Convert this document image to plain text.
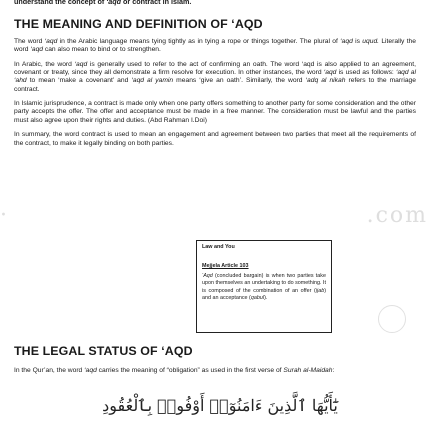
understand the concept of ‘aqd or contract in Islam.
THE MEANING AND DEFINITION OF ‘AQD

The word ‘aqd in the Arabic language means tying tightly as in tying a rope or things together. The plural of ‘aqd is uqud. Literally the word ‘aqd can also mean to bind or to strengthen.

In Arabic, the word ‘aqd is generally used to refer to the act of confirming an oath. The word ‘aqd is also applied to an agreement, covenant or treaty, since they all demonstrate a firm resolve for execution. In other instances, the word ‘aqd is used as follows: ‘aqd al ‘ahd to mean ‘make a covenant’ and ‘aqd al yamin means ‘give an oath’. Similarly, the word ‘adq al nikah refers to the marriage contract.

In Islamic jurisprudence, a contract is made only when one party offers something to another party for some consideration and the other party accepts the offer. The offer and acceptance must be made in a free manner. The consideration must be lawful and the parties must also agree upon their rights and duties. (Abd Rahman I.Doi)

In summary, the word contract is used to mean an engagement and agreement between two parties that meet all the requirements of the contract, to make it legally binding on both parties.

·	.com
Law and You
Mejjela Article 103
‘Aqd (concluded bargain) is when two parties take upon themselves an undertaking to do something. It is composed of the combination of an offer (ijab) and an acceptance (qabul).
THE LEGAL STATUS OF ‘AQD

In the Qur’an, the word ‘aqd carries the meaning of “obligation” as used in the first verse of Surah al-Maidah:

يَٰٓأَيُّهَا ٱلَّذِينَ ءَامَنُوٓا۟ أَوْفُوا۟ بِٱلْعُقُودِ
